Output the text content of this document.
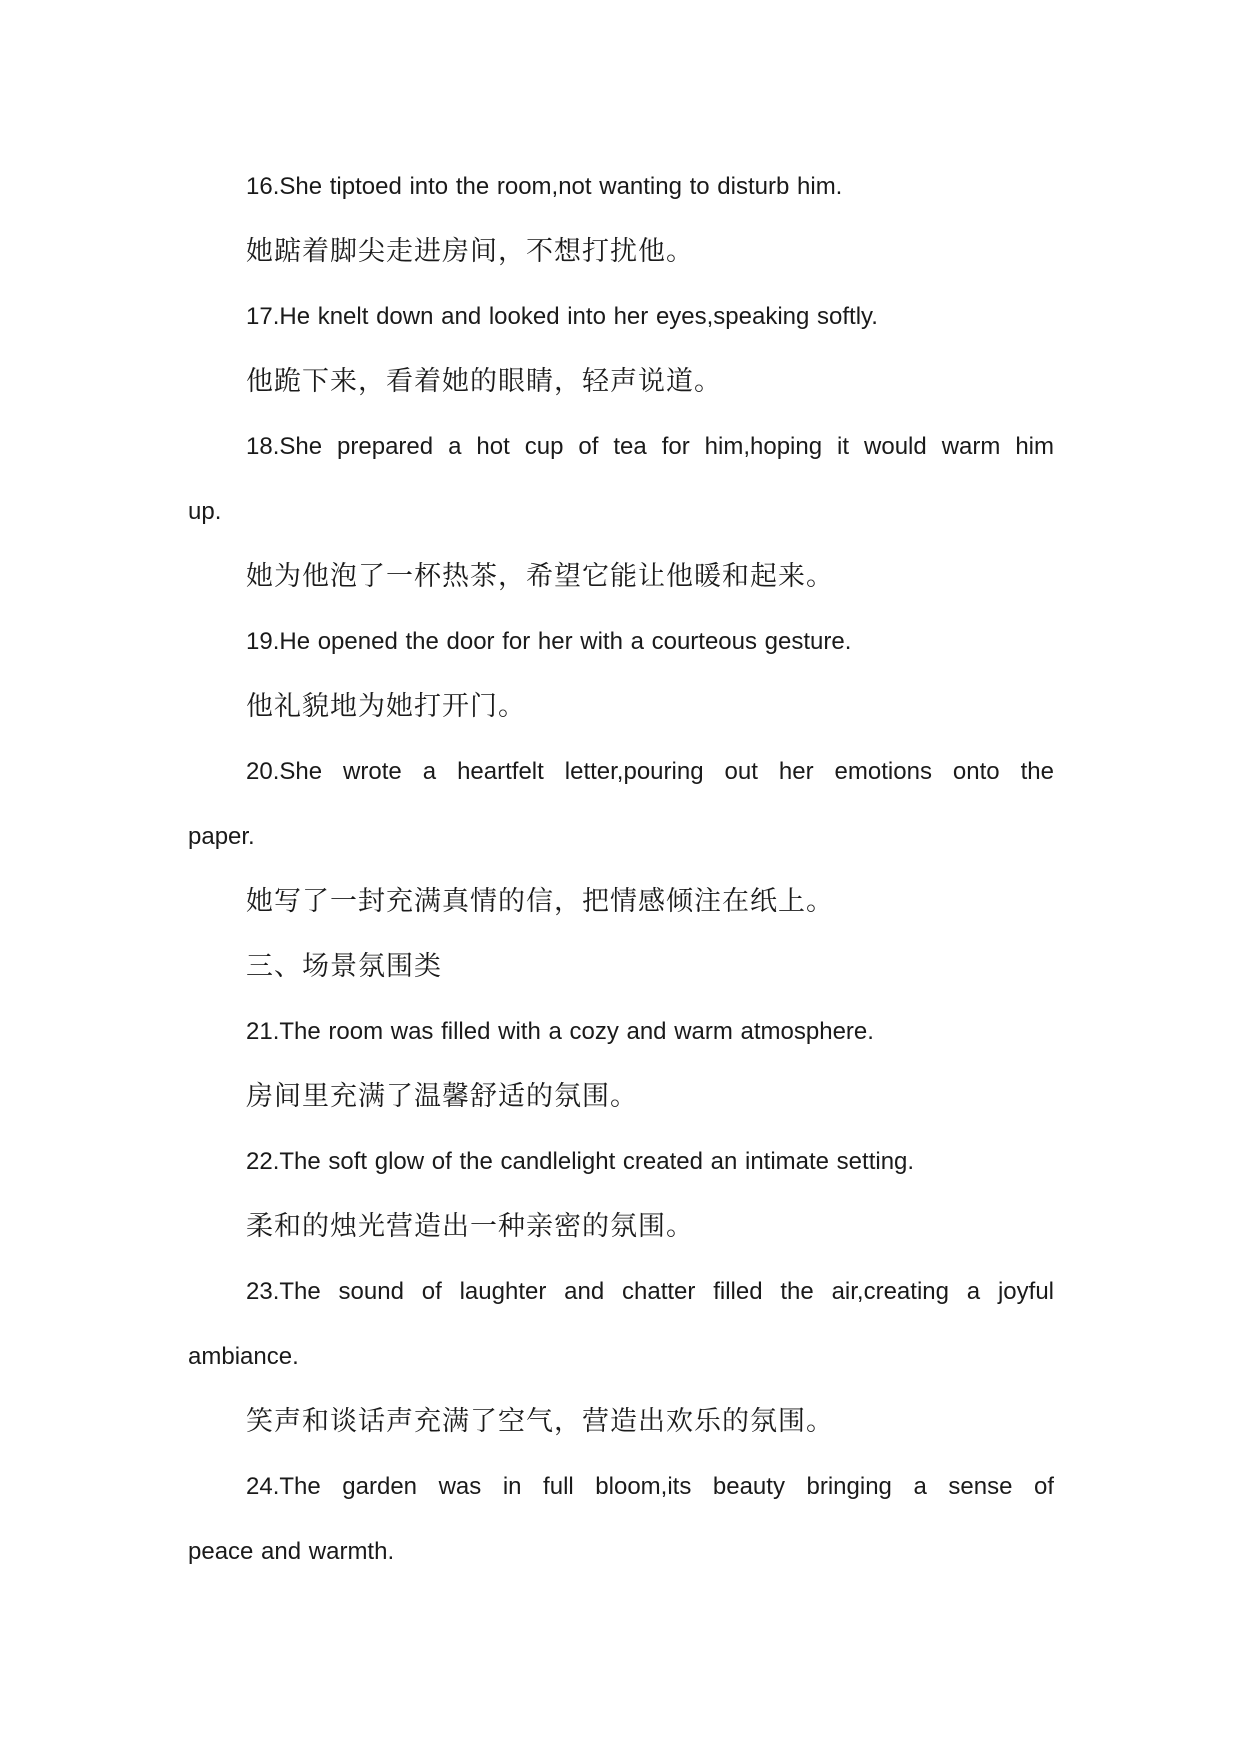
16.She tiptoed into the room,not wanting to disturb him.

她踮着脚尖走进房间，不想打扰他。

17.He knelt down and looked into her eyes,speaking softly.

他跪下来，看着她的眼睛，轻声说道。

18.She prepared a hot cup of tea for him,hoping it would warm him

up.

她为他泡了一杯热茶，希望它能让他暖和起来。

19.He opened the door for her with a courteous gesture.

他礼貌地为她打开门。

20.She wrote a heartfelt letter,pouring out her emotions onto the

paper.

她写了一封充满真情的信，把情感倾注在纸上。

三、场景氛围类

21.The room was filled with a cozy and warm atmosphere.

房间里充满了温馨舒适的氛围。

22.The soft glow of the candlelight created an intimate setting.

柔和的烛光营造出一种亲密的氛围。

23.The sound of laughter and chatter filled the air,creating a joyful

ambiance.

笑声和谈话声充满了空气，营造出欢乐的氛围。

24.The garden was in full bloom,its beauty bringing a sense of

peace and warmth.
